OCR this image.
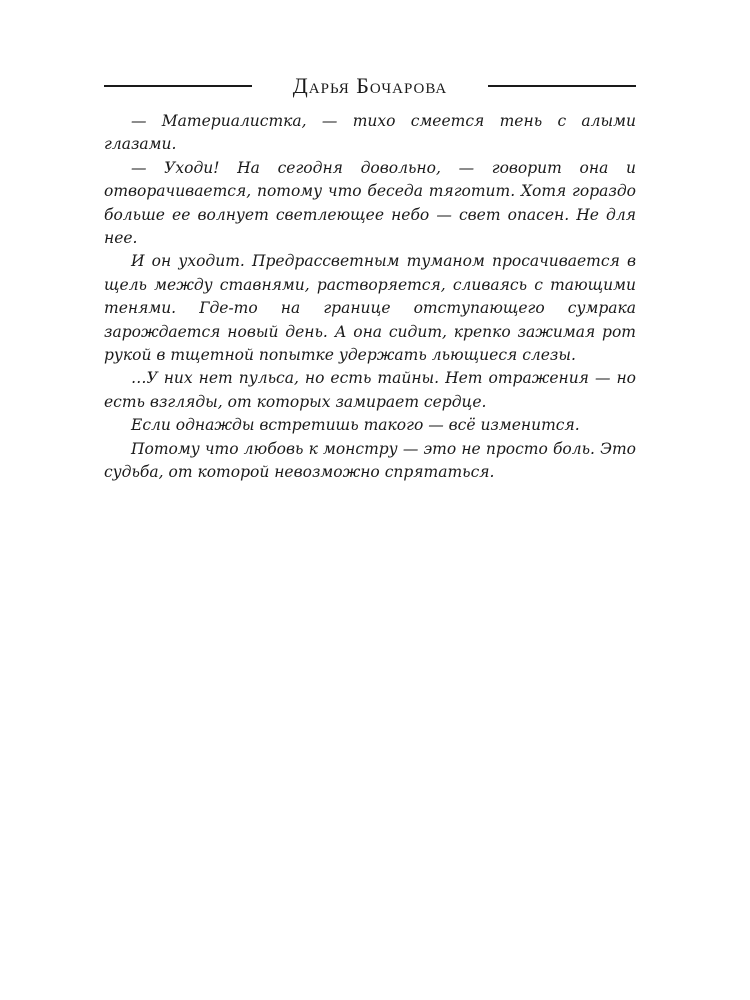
Дарья Бочарова

— Материалистка, — тихо смеется тень с алыми глазами.

— Уходи! На сегодня довольно, — говорит она и отворачивается, потому что беседа тяготит. Хотя гораздо больше ее волнует светлеющее небо — свет опасен. Не для нее.

И он уходит. Предрассветным туманом просачивается в щель между ставнями, растворяется, сливаясь с тающими тенями. Где-то на границе отступающего сумрака зарождается новый день. А она сидит, крепко зажимая рот рукой в тщетной попытке удержать льющиеся слезы.

…У них нет пульса, но есть тайны. Нет отражения — но есть взгляды, от которых замирает сердце.

Если однажды встретишь такого — всё изменится.

Потому что любовь к монстру — это не просто боль. Это судьба, от которой невозможно спрятаться.
